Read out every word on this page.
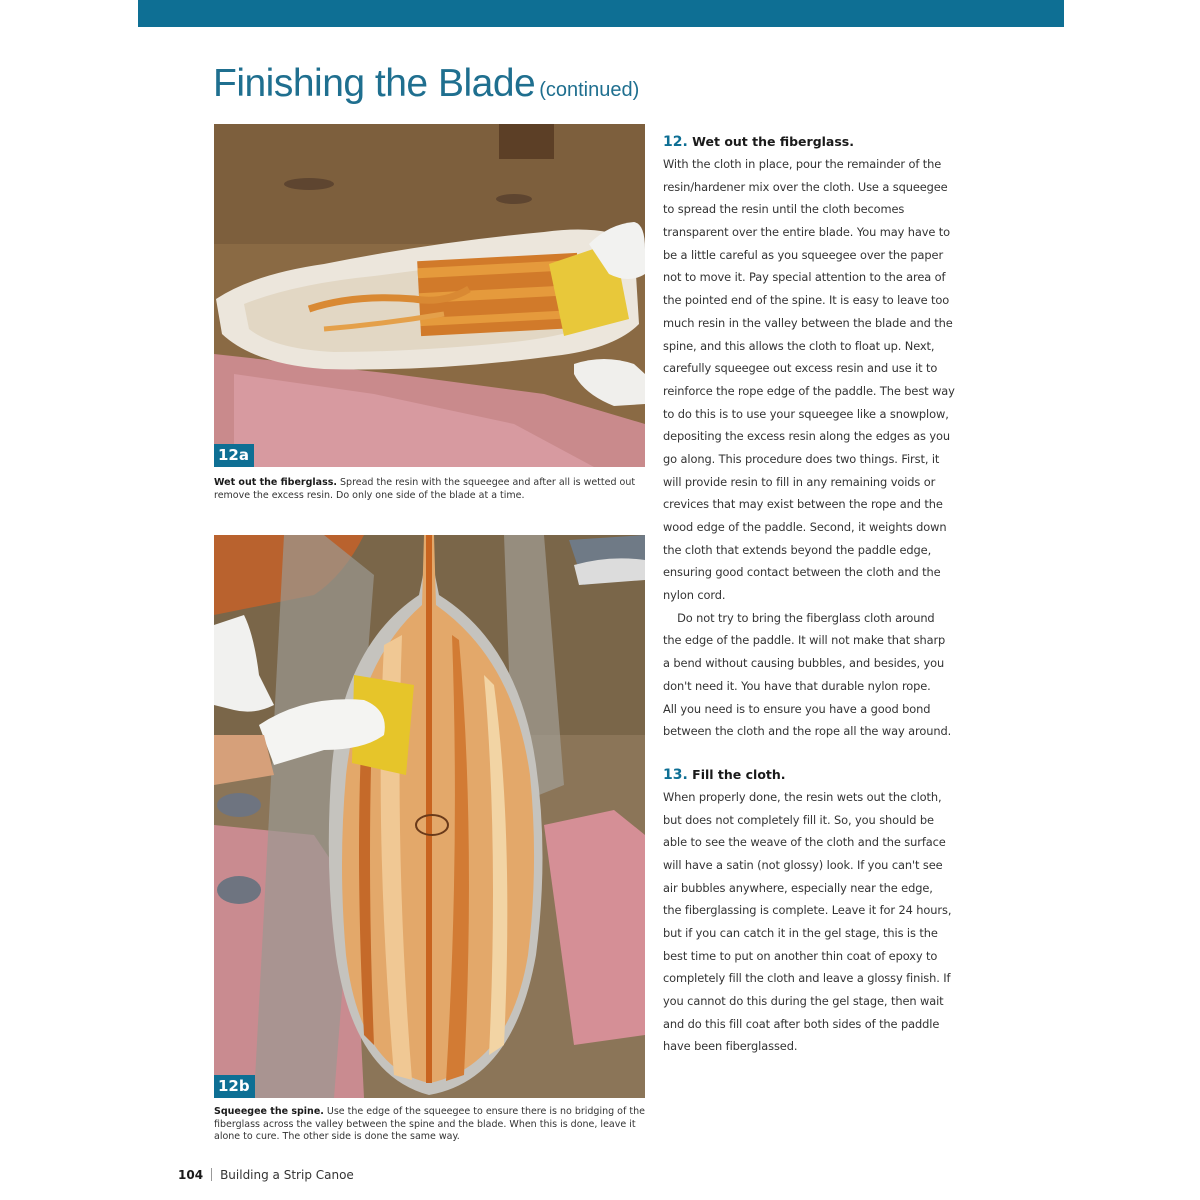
Finishing the Blade (continued)
12a

Wet out the fiberglass. Spread the resin with the squeegee and after all is wetted out remove the excess resin. Do only one side of the blade at a time.

12b

Squeegee the spine. Use the edge of the squeegee to ensure there is no bridging of the fiberglass across the valley between the spine and the blade. When this is done, leave it alone to cure. The other side is done the same way.

12. Wet out the fiberglass.
With the cloth in place, pour the remainder of the
resin/hardener mix over the cloth. Use a squeegee
to spread the resin until the cloth becomes
transparent over the entire blade. You may have to
be a little careful as you squeegee over the paper
not to move it. Pay special attention to the area of
the pointed end of the spine. It is easy to leave too
much resin in the valley between the blade and the
spine, and this allows the cloth to float up. Next,
carefully squeegee out excess resin and use it to
reinforce the rope edge of the paddle. The best way
to do this is to use your squeegee like a snowplow,
depositing the excess resin along the edges as you
go along. This procedure does two things. First, it
will provide resin to fill in any remaining voids or
crevices that may exist between the rope and the
wood edge of the paddle. Second, it weights down
the cloth that extends beyond the paddle edge,
ensuring good contact between the cloth and the
nylon cord.
Do not try to bring the fiberglass cloth around
the edge of the paddle. It will not make that sharp
a bend without causing bubbles, and besides, you
don't need it. You have that durable nylon rope.
All you need is to ensure you have a good bond
between the cloth and the rope all the way around.
13. Fill the cloth.
When properly done, the resin wets out the cloth,
but does not completely fill it. So, you should be
able to see the weave of the cloth and the surface
will have a satin (not glossy) look. If you can't see
air bubbles anywhere, especially near the edge,
the fiberglassing is complete. Leave it for 24 hours,
but if you can catch it in the gel stage, this is the
best time to put on another thin coat of epoxy to
completely fill the cloth and leave a glossy finish. If
you cannot do this during the gel stage, then wait
and do this fill coat after both sides of the paddle
have been fiberglassed.
104 Building a Strip Canoe
